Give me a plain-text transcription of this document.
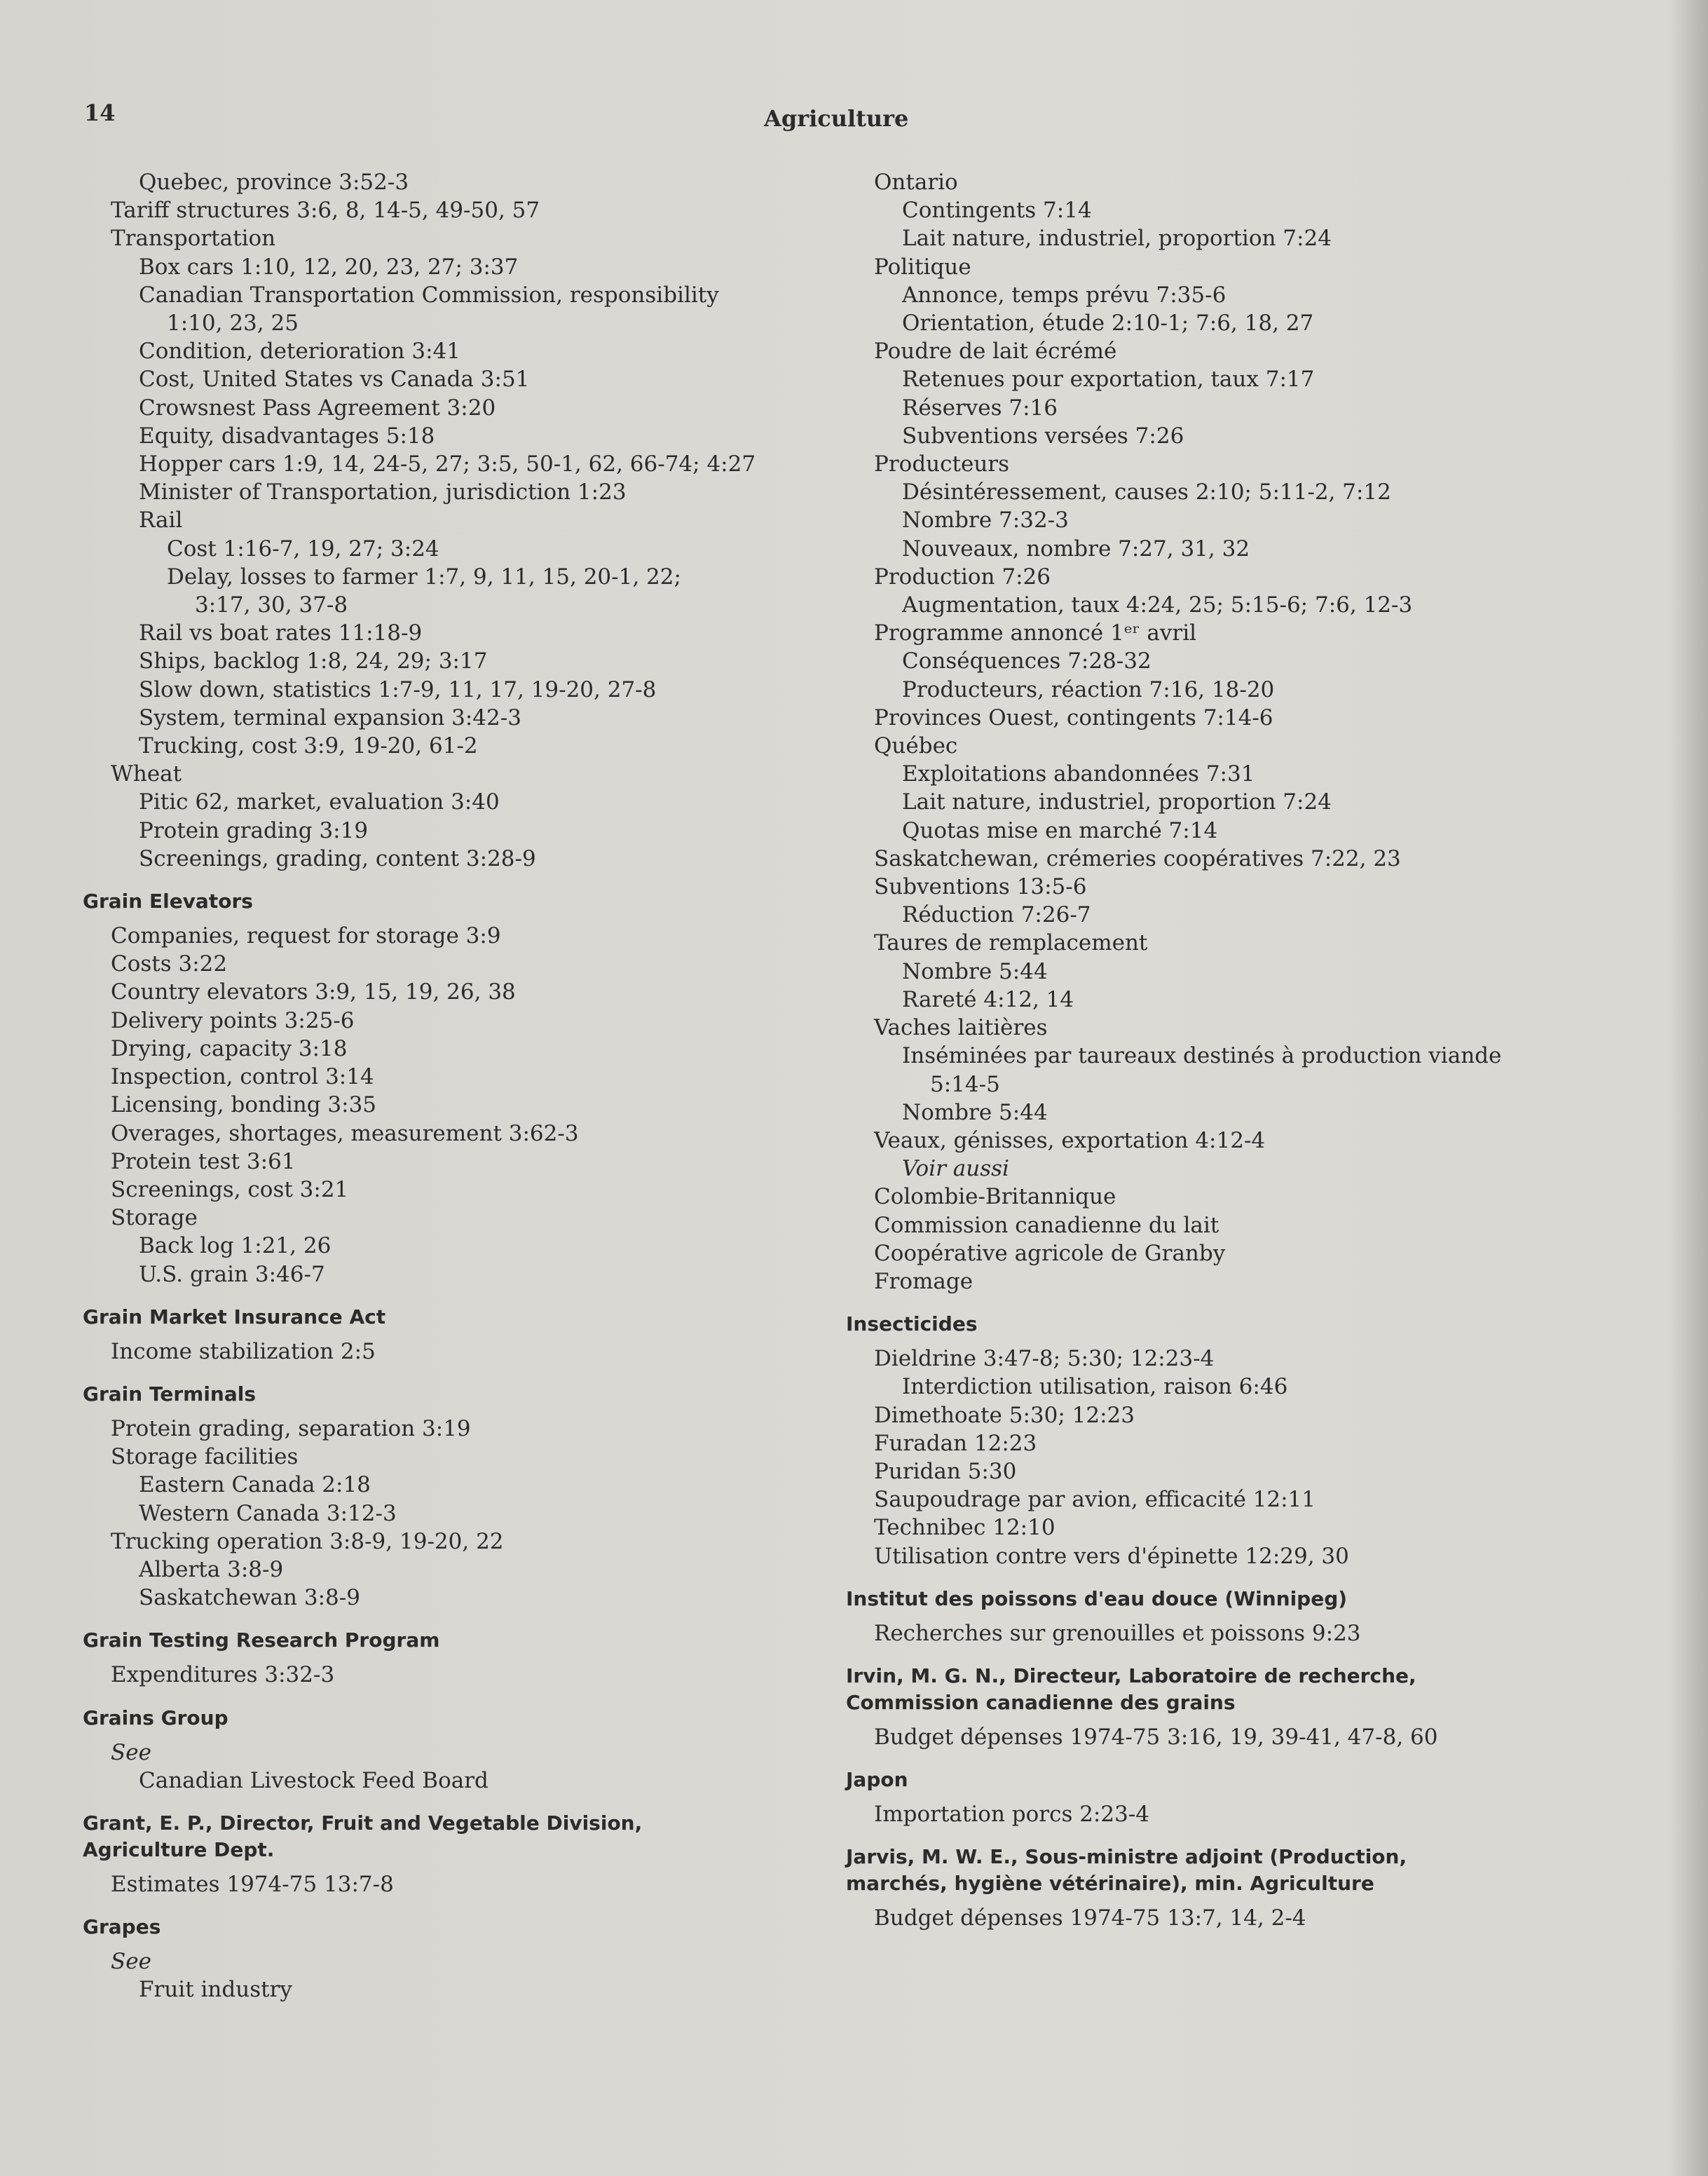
14	Agriculture
Quebec, province 3:52-3
Tariff structures 3:6, 8, 14-5, 49-50, 57
Transportation
Box cars 1:10, 12, 20, 23, 27; 3:37
Canadian Transportation Commission, responsibility
1:10, 23, 25
Condition, deterioration 3:41
Cost, United States vs Canada 3:51
Crowsnest Pass Agreement 3:20
Equity, disadvantages 5:18
Hopper cars 1:9, 14, 24-5, 27; 3:5, 50-1, 62, 66-74; 4:27
Minister of Transportation, jurisdiction 1:23
Rail
Cost 1:16-7, 19, 27; 3:24
Delay, losses to farmer 1:7, 9, 11, 15, 20-1, 22;
3:17, 30, 37-8
Rail vs boat rates 11:18-9
Ships, backlog 1:8, 24, 29; 3:17
Slow down, statistics 1:7-9, 11, 17, 19-20, 27-8
System, terminal expansion 3:42-3
Trucking, cost 3:9, 19-20, 61-2
Wheat
Pitic 62, market, evaluation 3:40
Protein grading 3:19
Screenings, grading, content 3:28-9
Grain Elevators
Companies, request for storage 3:9
Costs 3:22
Country elevators 3:9, 15, 19, 26, 38
Delivery points 3:25-6
Drying, capacity 3:18
Inspection, control 3:14
Licensing, bonding 3:35
Overages, shortages, measurement 3:62-3
Protein test 3:61
Screenings, cost 3:21
Storage
Back log 1:21, 26
U.S. grain 3:46-7
Grain Market Insurance Act
Income stabilization 2:5
Grain Terminals
Protein grading, separation 3:19
Storage facilities
Eastern Canada 2:18
Western Canada 3:12-3
Trucking operation 3:8-9, 19-20, 22
Alberta 3:8-9
Saskatchewan 3:8-9
Grain Testing Research Program
Expenditures 3:32-3
Grains Group
See
Canadian Livestock Feed Board
Grant, E. P., Director, Fruit and Vegetable Division,
Agriculture Dept.
Estimates 1974-75 13:7-8
Grapes
See
Fruit industry
Ontario
Contingents 7:14
Lait nature, industriel, proportion 7:24
Politique
Annonce, temps prévu 7:35-6
Orientation, étude 2:10-1; 7:6, 18, 27
Poudre de lait écrémé
Retenues pour exportation, taux 7:17
Réserves 7:16
Subventions versées 7:26
Producteurs
Désintéressement, causes 2:10; 5:11-2, 7:12
Nombre 7:32-3
Nouveaux, nombre 7:27, 31, 32
Production 7:26
Augmentation, taux 4:24, 25; 5:15-6; 7:6, 12-3
Programme annoncé 1ᵉʳ avril
Conséquences 7:28-32
Producteurs, réaction 7:16, 18-20
Provinces Ouest, contingents 7:14-6
Québec
Exploitations abandonnées 7:31
Lait nature, industriel, proportion 7:24
Quotas mise en marché 7:14
Saskatchewan, crémeries coopératives 7:22, 23
Subventions 13:5-6
Réduction 7:26-7
Taures de remplacement
Nombre 5:44
Rareté 4:12, 14
Vaches laitières
Inséminées par taureaux destinés à production viande
5:14-5
Nombre 5:44
Veaux, génisses, exportation 4:12-4
Voir aussi
Colombie-Britannique
Commission canadienne du lait
Coopérative agricole de Granby
Fromage
Insecticides
Dieldrine 3:47-8; 5:30; 12:23-4
Interdiction utilisation, raison 6:46
Dimethoate 5:30; 12:23
Furadan 12:23
Puridan 5:30
Saupoudrage par avion, efficacité 12:11
Technibec 12:10
Utilisation contre vers d'épinette 12:29, 30
Institut des poissons d'eau douce (Winnipeg)
Recherches sur grenouilles et poissons 9:23
Irvin, M. G. N., Directeur, Laboratoire de recherche,
Commission canadienne des grains
Budget dépenses 1974-75 3:16, 19, 39-41, 47-8, 60
Japon
Importation porcs 2:23-4
Jarvis, M. W. E., Sous-ministre adjoint (Production,
marchés, hygiène vétérinaire), min. Agriculture
Budget dépenses 1974-75 13:7, 14, 2-4
